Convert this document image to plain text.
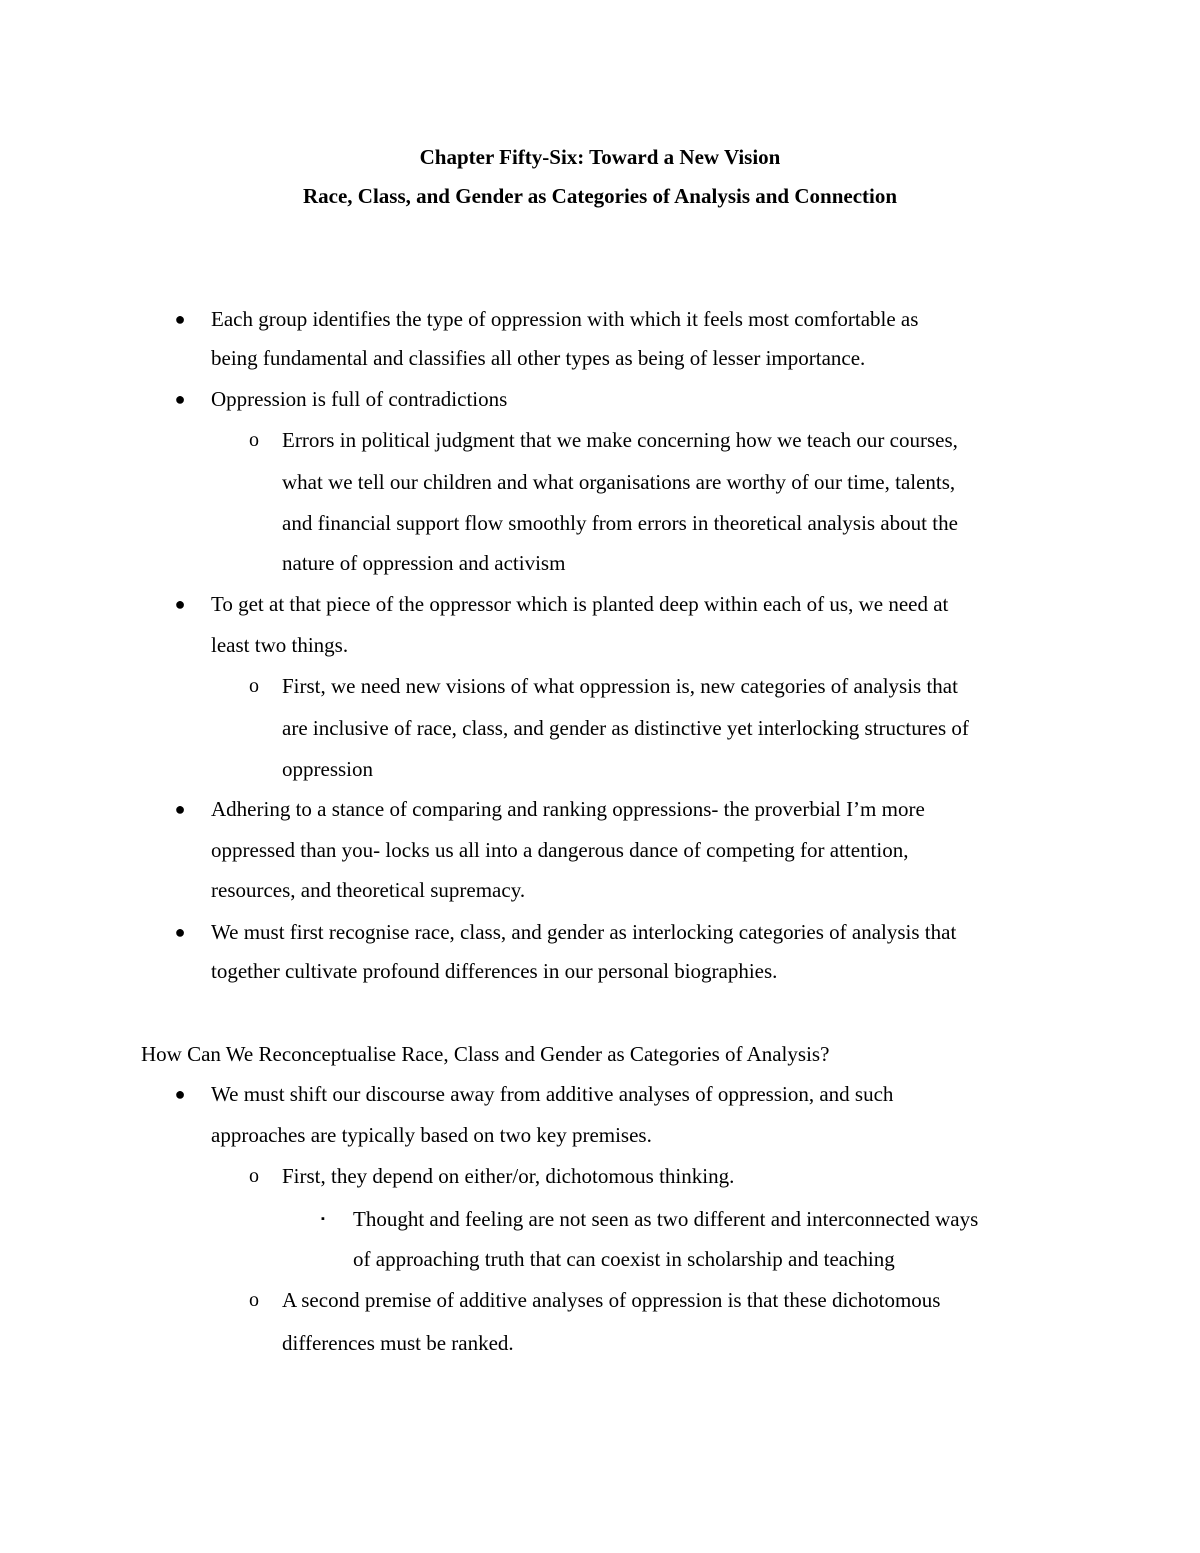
Chapter Fifty-Six: Toward a New Vision
Race, Class, and Gender as Categories of Analysis and Connection
● Each group identifies the type of oppression with which it feels most comfortable as
being fundamental and classifies all other types as being of lesser importance.
● Oppression is full of contradictions
o Errors in political judgment that we make concerning how we teach our courses,
what we tell our children and what organisations are worthy of our time, talents,
and financial support flow smoothly from errors in theoretical analysis about the
nature of oppression and activism
● To get at that piece of the oppressor which is planted deep within each of us, we need at
least two things.
o First, we need new visions of what oppression is, new categories of analysis that
are inclusive of race, class, and gender as distinctive yet interlocking structures of
oppression
● Adhering to a stance of comparing and ranking oppressions- the proverbial I’m more
oppressed than you- locks us all into a dangerous dance of competing for attention,
resources, and theoretical supremacy.
● We must first recognise race, class, and gender as interlocking categories of analysis that
together cultivate profound differences in our personal biographies.
How Can We Reconceptualise Race, Class and Gender as Categories of Analysis?
● We must shift our discourse away from additive analyses of oppression, and such
approaches are typically based on two key premises.
o First, they depend on either/or, dichotomous thinking.
▪	Thought and feeling are not seen as two different and interconnected ways
of approaching truth that can coexist in scholarship and teaching
o A second premise of additive analyses of oppression is that these dichotomous
differences must be ranked.
